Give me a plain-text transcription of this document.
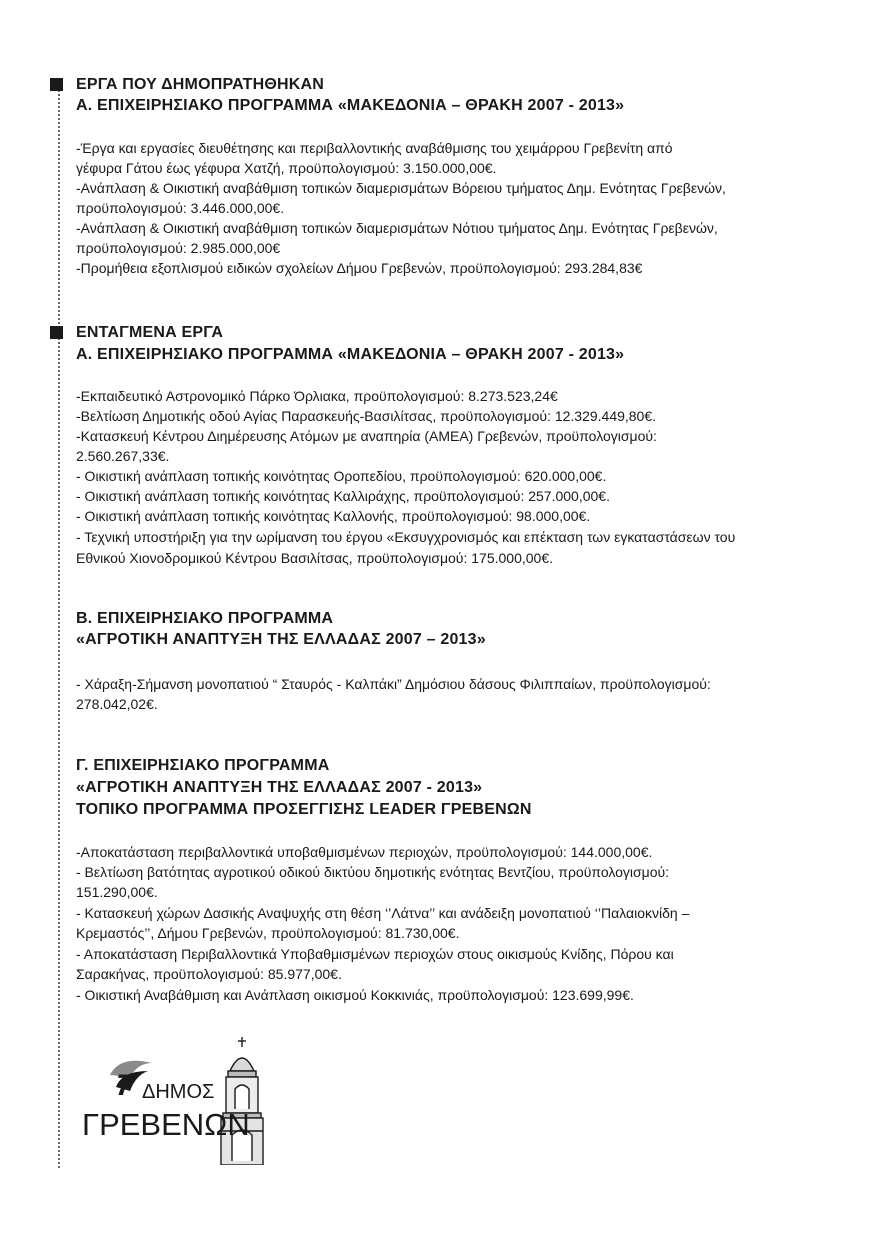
ΕΡΓΑ ΠΟΥ ΔΗΜΟΠΡΑΤΗΘΗΚΑΝ
Α. ΕΠΙΧΕΙΡΗΣΙΑΚΟ ΠΡΟΓΡΑΜΜΑ «ΜΑΚΕΔΟΝΙΑ – ΘΡΑΚΗ 2007 - 2013»
-Έργα και εργασίες διευθέτησης και περιβαλλοντικής αναβάθμισης του χειμάρρου Γρεβενίτη από
γέφυρα Γάτου έως γέφυρα Χατζή, προϋπολογισμού: 3.150.000,00€.
-Ανάπλαση & Οικιστική αναβάθμιση τοπικών διαμερισμάτων Βόρειου τμήματος Δημ. Ενότητας Γρεβενών,
προϋπολογισμού: 3.446.000,00€.
-Ανάπλαση & Οικιστική αναβάθμιση τοπικών διαμερισμάτων Νότιου τμήματος Δημ. Ενότητας Γρεβενών,
προϋπολογισμού: 2.985.000,00€
-Προμήθεια εξοπλισμού ειδικών σχολείων Δήμου Γρεβενών, προϋπολογισμού: 293.284,83€
ΕΝΤΑΓΜΕΝΑ ΕΡΓΑ
Α. ΕΠΙΧΕΙΡΗΣΙΑΚΟ ΠΡΟΓΡΑΜΜΑ «ΜΑΚΕΔΟΝΙΑ – ΘΡΑΚΗ 2007 - 2013»
-Εκπαιδευτικό Αστρονομικό Πάρκο Όρλιακα, προϋπολογισμού: 8.273.523,24€
-Βελτίωση Δημοτικής οδού Αγίας Παρασκευής-Βασιλίτσας, προϋπολογισμού: 12.329.449,80€.
-Κατασκευή Κέντρου Διημέρευσης Ατόμων με αναπηρία (ΑΜΕΑ) Γρεβενών, προϋπολογισμού:
2.560.267,33€.
- Οικιστική ανάπλαση τοπικής κοινότητας Οροπεδίου, προϋπολογισμού: 620.000,00€.
- Οικιστική ανάπλαση τοπικής κοινότητας Καλλιράχης, προϋπολογισμού: 257.000,00€.
- Οικιστική ανάπλαση τοπικής κοινότητας Καλλονής, προϋπολογισμού: 98.000,00€.
- Τεχνική υποστήριξη για την ωρίμανση του έργου «Εκσυγχρονισμός και επέκταση των εγκαταστάσεων του
Εθνικού Χιονοδρομικού Κέντρου Βασιλίτσας, προϋπολογισμού: 175.000,00€.
Β. ΕΠΙΧΕΙΡΗΣΙΑΚΟ ΠΡΟΓΡΑΜΜΑ
«ΑΓΡΟΤΙΚΗ ΑΝΑΠΤΥΞΗ ΤΗΣ ΕΛΛΑΔΑΣ 2007 – 2013»
- Χάραξη-Σήμανση μονοπατιού “ Σταυρός - Καλπάκι” Δημόσιου δάσους Φιλιππαίων, προϋπολογισμού:
278.042,02€.
Γ. ΕΠΙΧΕΙΡΗΣΙΑΚΟ ΠΡΟΓΡΑΜΜΑ
«ΑΓΡΟΤΙΚΗ ΑΝΑΠΤΥΞΗ ΤΗΣ ΕΛΛΑΔΑΣ 2007 - 2013»
ΤΟΠΙΚΟ ΠΡΟΓΡΑΜΜΑ ΠΡΟΣΕΓΓΙΣΗΣ LEADER ΓΡΕΒΕΝΩΝ
-Αποκατάσταση περιβαλλοντικά υποβαθμισμένων περιοχών, προϋπολογισμού: 144.000,00€.
- Βελτίωση βατότητας αγροτικού οδικού δικτύου δημοτικής ενότητας Βεντζίου, προϋπολογισμού:
151.290,00€.
- Κατασκευή χώρων Δασικής Αναψυχής στη θέση ‘’Λάτνα’’ και ανάδειξη μονοπατιού ‘’Παλαιοκνίδη –
Κρεμαστός’’, Δήμου Γρεβενών, προϋπολογισμού: 81.730,00€.
- Αποκατάσταση Περιβαλλοντικά Υποβαθμισμένων περιοχών στους οικισμούς Κνίδης, Πόρου και
Σαρακήνας, προϋπολογισμού: 85.977,00€.
- Οικιστική Αναβάθμιση και Ανάπλαση οικισμού Κοκκινιάς, προϋπολογισμού: 123.699,99€.
7 ΔΗΜΟΣ
ΓΡΕΒΕΝΩΝ
